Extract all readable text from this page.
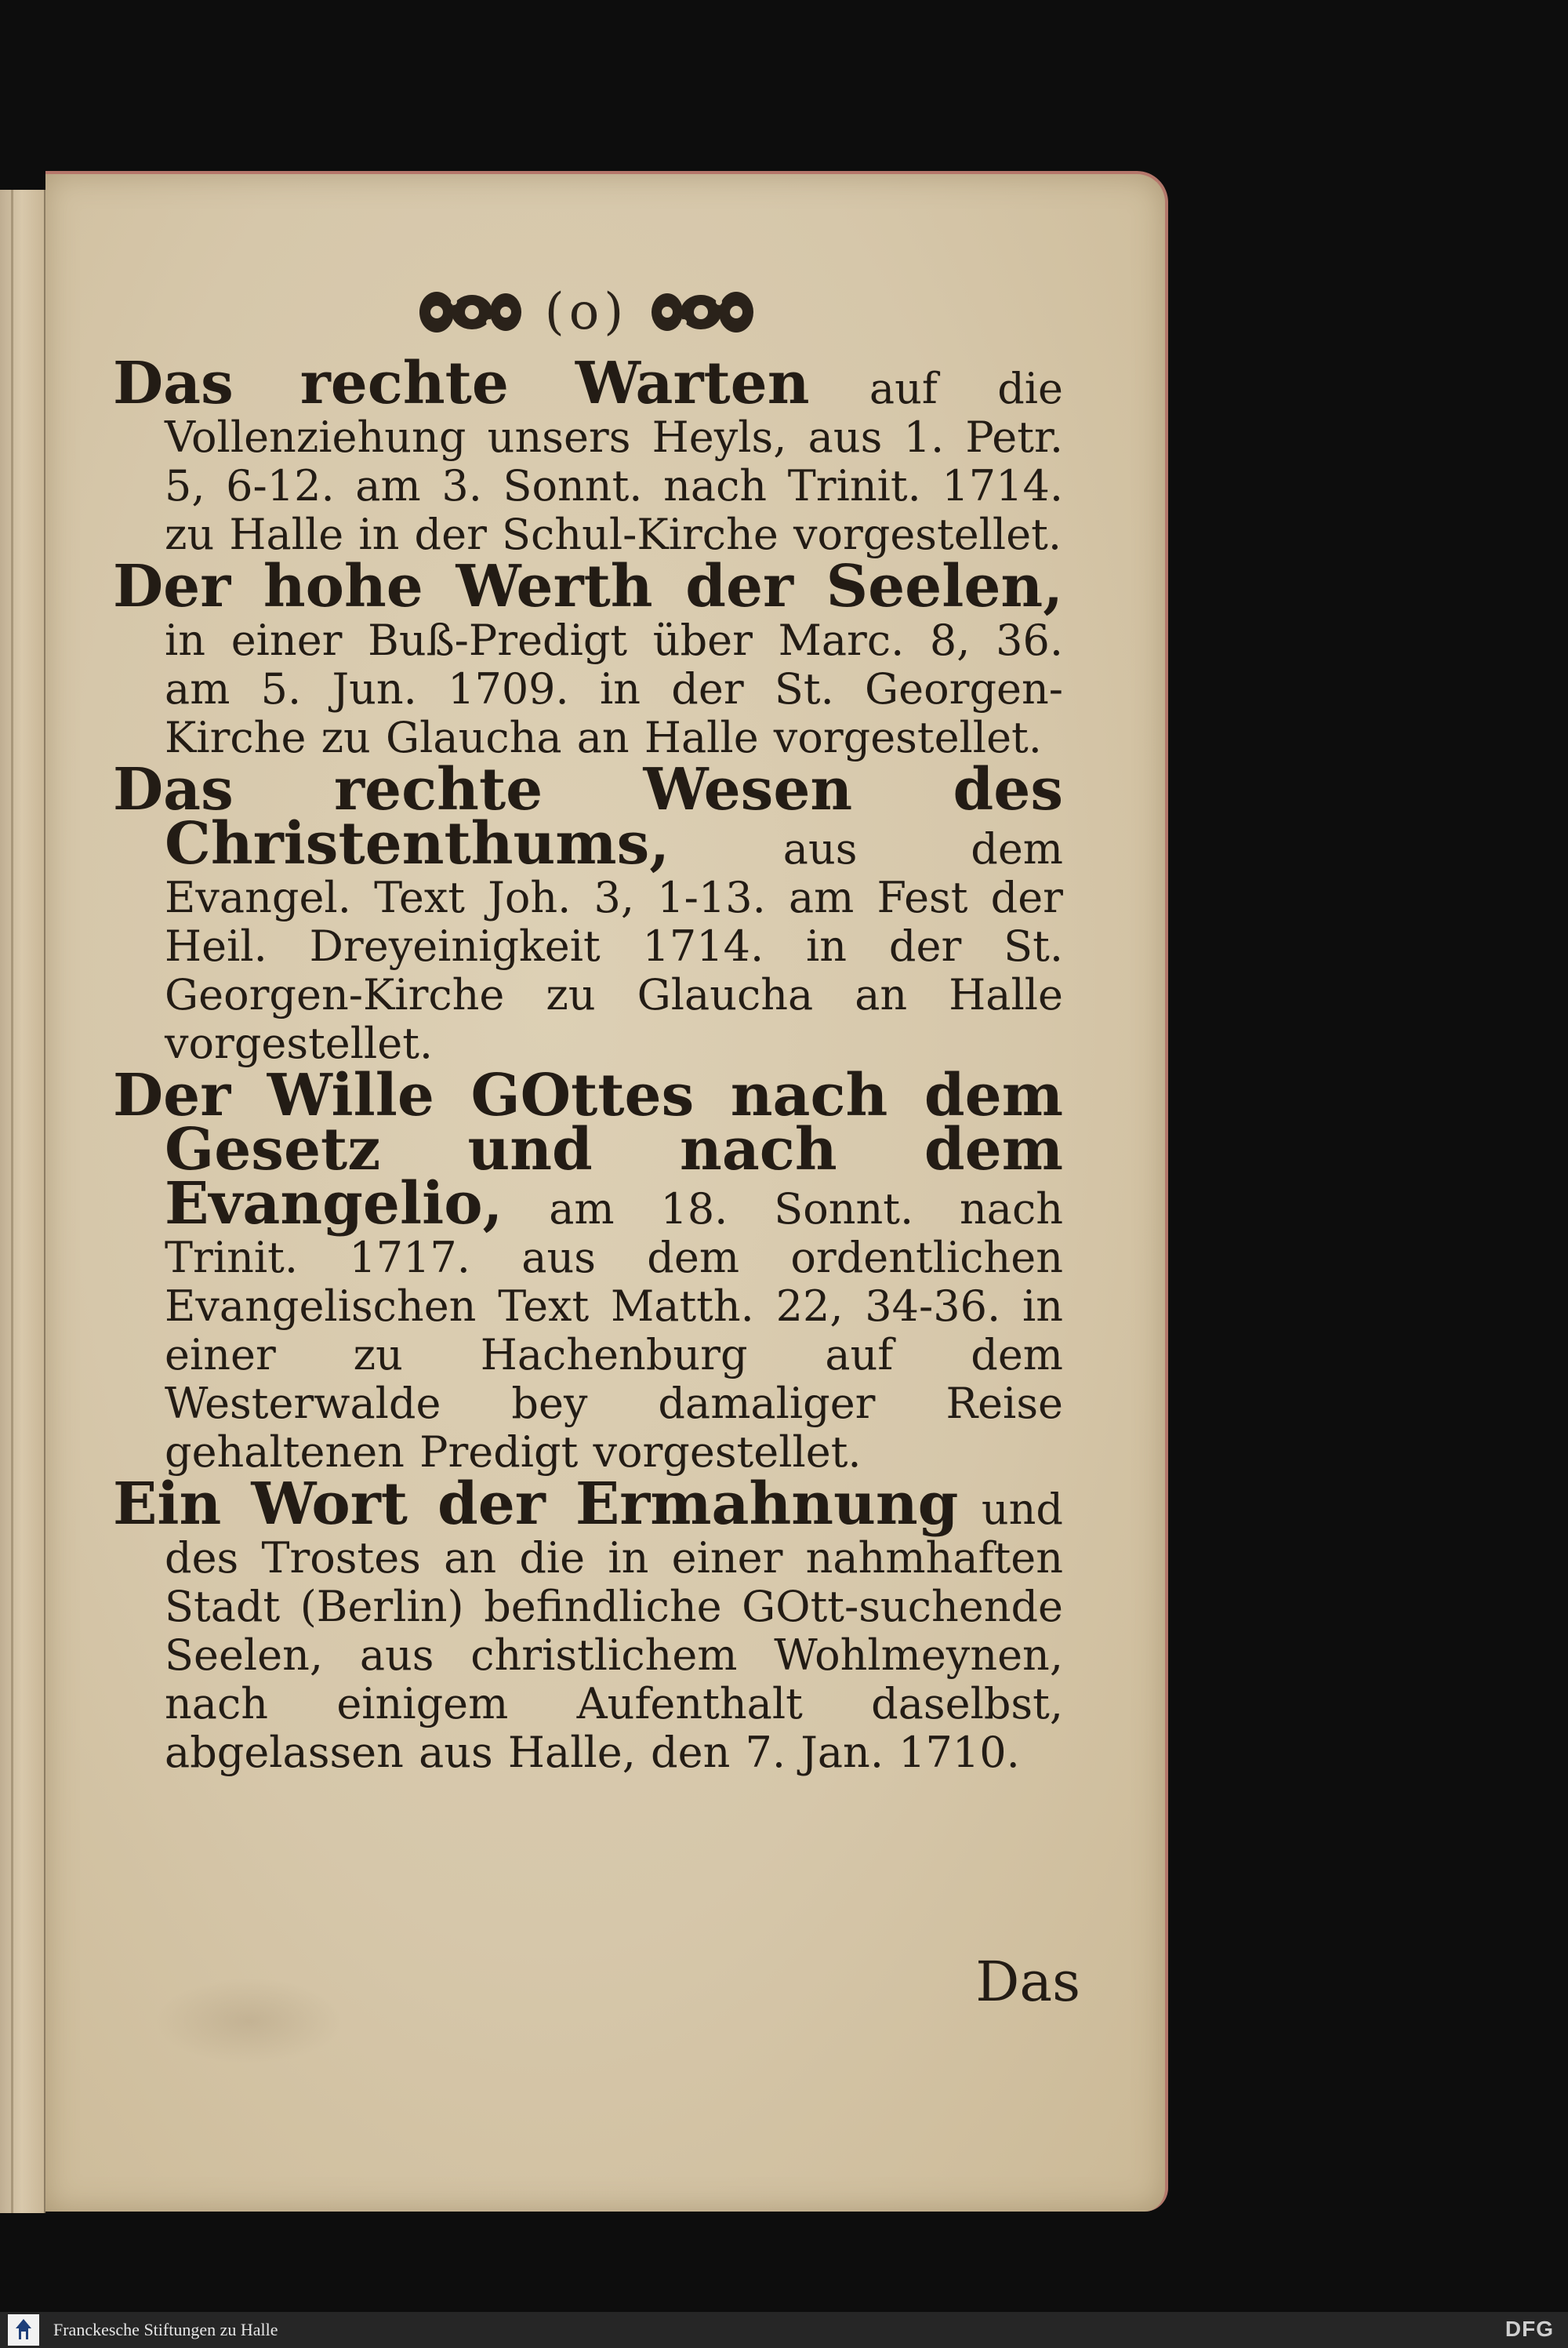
(o)

Das rechte Warten auf die Vollenziehung unsers Heyls, aus 1. Petr. 5, 6-12. am 3. Sonnt. nach Trinit. 1714. zu Halle in der Schul-Kirche vorgestellet.

Der hohe Werth der Seelen, in einer Buß-Predigt über Marc. 8, 36. am 5. Jun. 1709. in der St. Georgen-Kirche zu Glaucha an Halle vorgestellet.

Das rechte Wesen des Christenthums, aus dem Evangel. Text Joh. 3, 1-13. am Fest der Heil. Dreyeinigkeit 1714. in der St. Georgen-Kirche zu Glaucha an Halle vorgestellet.

Der Wille GOttes nach dem Gesetz und nach dem Evangelio, am 18. Sonnt. nach Trinit. 1717. aus dem ordentlichen Evangelischen Text Matth. 22, 34-36. in einer zu Hachenburg auf dem Westerwalde bey damaliger Reise gehaltenen Predigt vorgestellet.

Ein Wort der Ermahnung und des Trostes an die in einer nahmhaften Stadt (Berlin) befindliche GOtt-suchende Seelen, aus christlichem Wohlmeynen, nach einigem Aufenthalt daselbst, abgelassen aus Halle, den 7. Jan. 1710.

Das
Franckesche Stiftungen zu Halle	DFG
